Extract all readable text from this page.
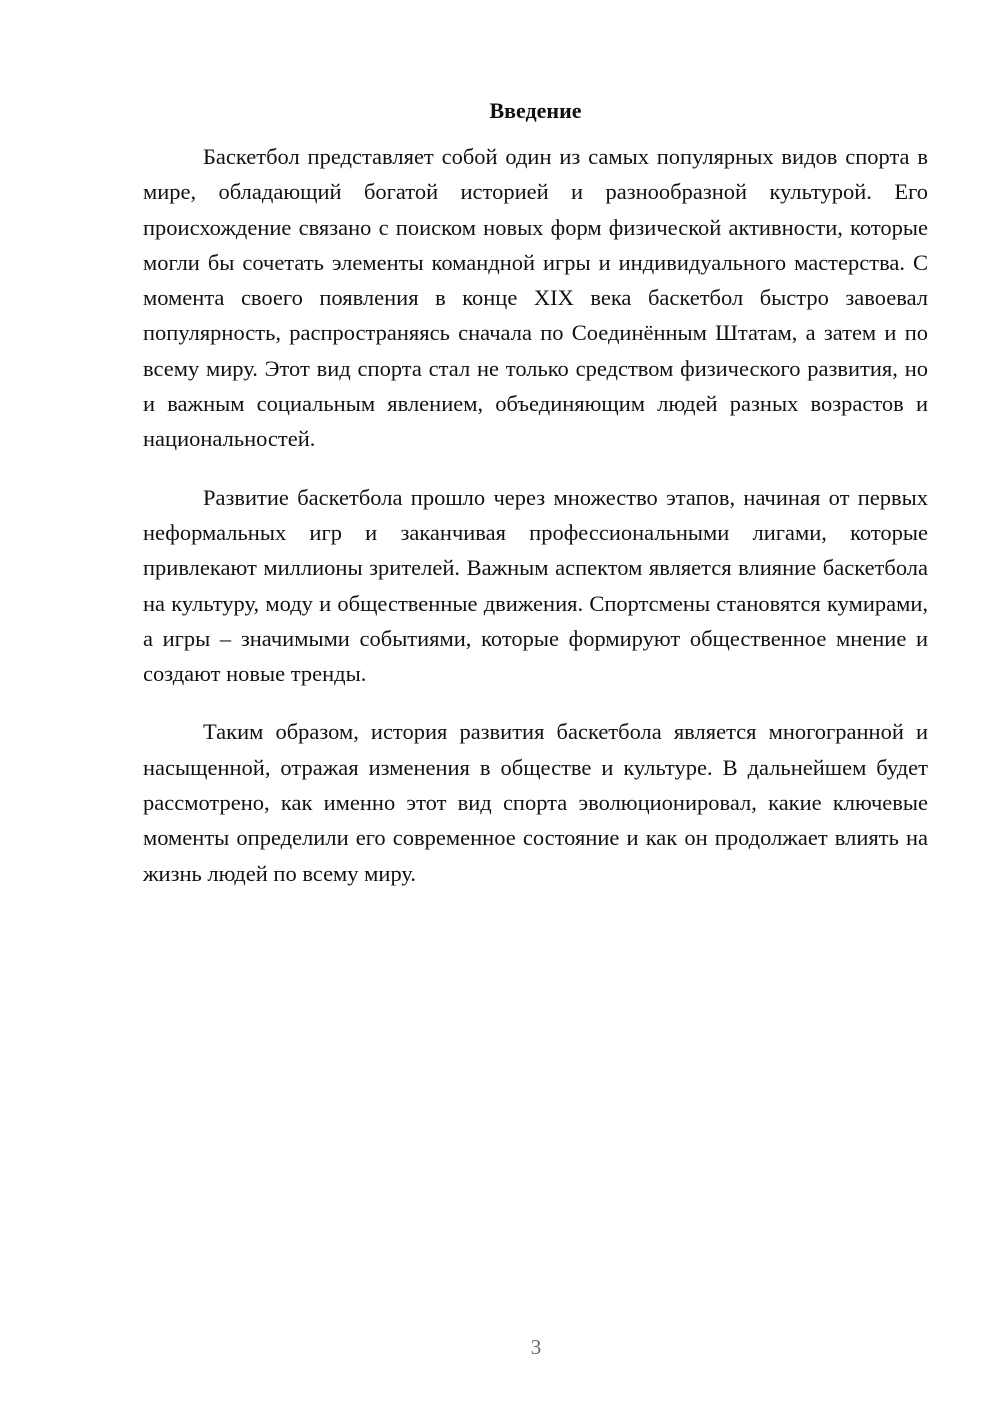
Введение

Баскетбол представляет собой один из самых популярных видов спорта в мире, обладающий богатой историей и разнообразной культурой. Его происхождение связано с поиском новых форм физической активности, которые могли бы сочетать элементы командной игры и индивидуального мастерства. С момента своего появления в конце XIX века баскетбол быстро завоевал популярность, распространяясь сначала по Соединённым Штатам, а затем и по всему миру. Этот вид спорта стал не только средством физического развития, но и важным социальным явлением, объединяющим людей разных возрастов и национальностей.

Развитие баскетбола прошло через множество этапов, начиная от первых неформальных игр и заканчивая профессиональными лигами, которые привлекают миллионы зрителей. Важным аспектом является влияние баскетбола на культуру, моду и общественные движения. Спортсмены становятся кумирами, а игры – значимыми событиями, которые формируют общественное мнение и создают новые тренды.

Таким образом, история развития баскетбола является многогранной и насыщенной, отражая изменения в обществе и культуре. В дальнейшем будет рассмотрено, как именно этот вид спорта эволюционировал, какие ключевые моменты определили его современное состояние и как он продолжает влиять на жизнь людей по всему миру.

3
